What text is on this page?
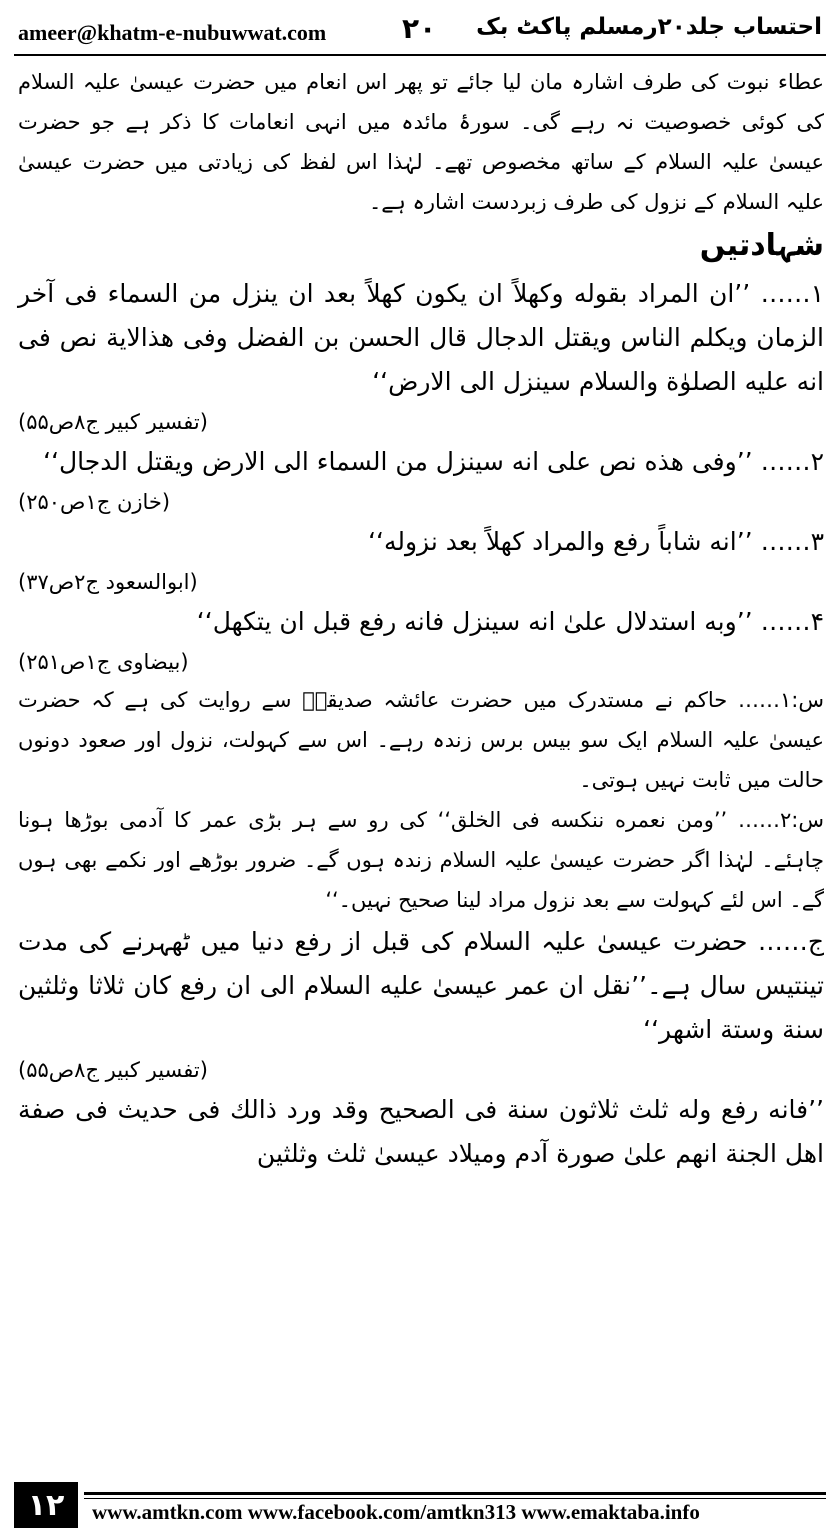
ameer@khatm-e-nubuwwat.com	۲۰ احتساب جلد۲۰رمسلم پاکٹ بک

عطاء نبوت کی طرف اشارہ مان لیا جائے تو پھر اس انعام میں حضرت عیسیٰ علیہ السلام کی کوئی خصوصیت نہ رہے گی۔ سورۂ مائدہ میں انہی انعامات کا ذکر ہے جو حضرت عیسیٰ علیہ السلام کے ساتھ مخصوص تھے۔ لہٰذا اس لفظ کی زیادتی میں حضرت عیسیٰ علیہ السلام کے نزول کی طرف زبردست اشارہ ہے۔

شہادتیں

۱…… ’’ان المراد بقوله وکهلاً ان یکون کهلاً بعد ان ینزل من السماء فی آخر الزمان ویکلم الناس ویقتل الدجال قال الحسن بن الفضل وفی هذالایة نص فی انه علیه الصلوٰة والسلام سینزل الی الارض‘‘

(تفسیر کبیر ج۸ص۵۵)

۲…… ’’وفی هذه نص علی انه سینزل من السماء الی الارض ویقتل الدجال‘‘

(خازن ج۱ص۲۵۰)

۳…… ’’انه شاباً رفع والمراد کهلاً بعد نزوله‘‘

(ابوالسعود ج۲ص۳۷)

۴…… ’’وبه استدلال علیٰ انه سینزل فانه رفع قبل ان یتکهل‘‘

(بیضاوی ج۱ص۲۵۱)

س:۱…… حاکم نے مستدرک میں حضرت عائشہ صدیقہؓ سے روایت کی ہے کہ حضرت عیسیٰ علیہ السلام ایک سو بیس برس زندہ رہے۔ اس سے کہولت، نزول اور صعود دونوں حالت میں ثابت نہیں ہوتی۔

س:۲…… ’’ومن نعمره ننکسه فی الخلق‘‘ کی رو سے ہر بڑی عمر کا آدمی بوڑھا ہونا چاہئے۔ لہٰذا اگر حضرت عیسیٰ علیہ السلام زندہ ہوں گے۔ ضرور بوڑھے اور نکمے بھی ہوں گے۔ اس لئے کہولت سے بعد نزول مراد لینا صحیح نہیں۔‘‘

ج…… حضرت عیسیٰ علیہ السلام کی قبل از رفع دنیا میں ٹھہرنے کی مدت تینتیس سال ہے۔’’نقل ان عمر عیسیٰ علیه السلام الی ان رفع کان ثلاثا وثلثین سنة وستة اشهر‘‘

(تفسیر کبیر ج۸ص۵۵)

’’فانه رفع وله ثلث ثلاثون سنة فی الصحیح وقد ورد ذالك فی حدیث فی صفة اهل الجنة انهم علیٰ صورة آدم ومیلاد عیسیٰ ثلث وثلثین

۱۲	www.amtkn.com www.facebook.com/amtkn313 www.emaktaba.info
